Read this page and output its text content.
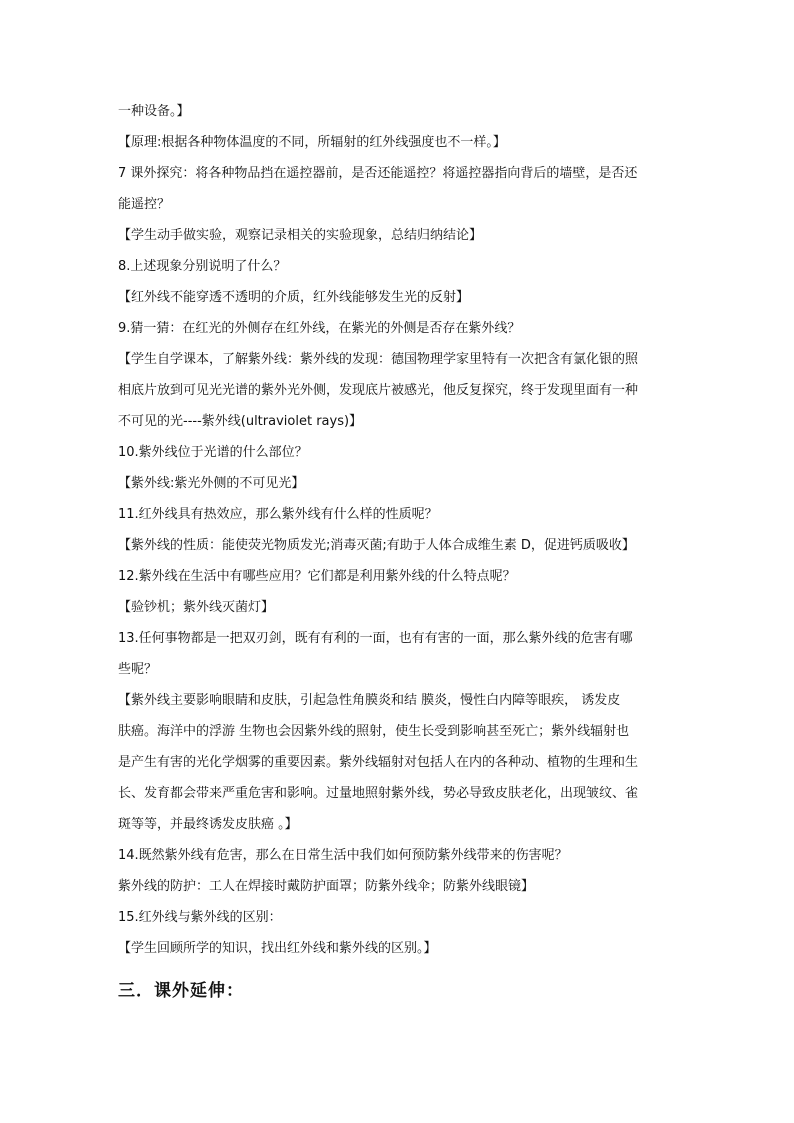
一种设备。】
【原理:根据各种物体温度的不同，所辐射的红外线强度也不一样。】
7 课外探究：将各种物品挡在遥控器前，是否还能遥控？将遥控器指向背后的墙壁，是否还
能遥控？
【学生动手做实验，观察记录相关的实验现象，总结归纳结论】
8.上述现象分别说明了什么？
【红外线不能穿透不透明的介质，红外线能够发生光的反射】
9.猜一猜：在红光的外侧存在红外线，在紫光的外侧是否存在紫外线？
【学生自学课本，了解紫外线：紫外线的发现：德国物理学家里特有一次把含有氯化银的照
相底片放到可见光光谱的紫外光外侧，发现底片被感光，他反复探究，终于发现里面有一种
不可见的光----紫外线(ultraviolet rays)】
10.紫外线位于光谱的什么部位？
【紫外线:紫光外侧的不可见光】
11.红外线具有热效应，那么紫外线有什么样的性质呢？
【紫外线的性质：能使荧光物质发光;消毒灭菌;有助于人体合成维生素 D，促进钙质吸收】
12.紫外线在生活中有哪些应用？它们都是利用紫外线的什么特点呢？
【验钞机；紫外线灭菌灯】
13.任何事物都是一把双刃剑，既有有利的一面，也有有害的一面，那么紫外线的危害有哪
些呢？
【紫外线主要影响眼睛和皮肤，引起急性角膜炎和结 膜炎，慢性白内障等眼疾， 诱发皮
肤癌。海洋中的浮游 生物也会因紫外线的照射，使生长受到影响甚至死亡；紫外线辐射也
是产生有害的光化学烟雾的重要因素。紫外线辐射对包括人在内的各种动、植物的生理和生
长、发育都会带来严重危害和影响。过量地照射紫外线，势必导致皮肤老化，出现皱纹、雀
斑等等，并最终诱发皮肤癌 。】
14.既然紫外线有危害，那么在日常生活中我们如何预防紫外线带来的伤害呢？
紫外线的防护：工人在焊接时戴防护面罩；防紫外线伞；防紫外线眼镜】
15.红外线与紫外线的区别：
【学生回顾所学的知识，找出红外线和紫外线的区别。】
三．课外延伸：
